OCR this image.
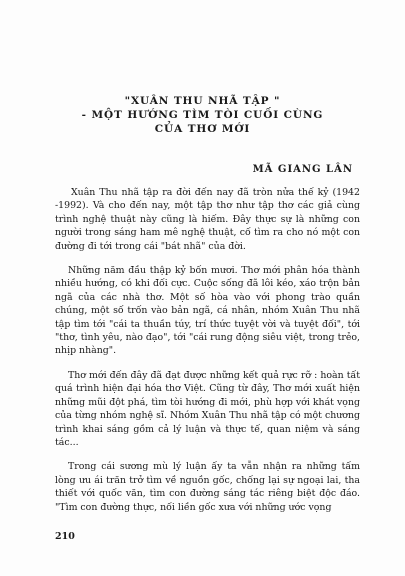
"XUÂN THU NHÃ TẬP "
- MỘT HƯỚNG TÌM TÒI CUỐI CÙNG
CỦA THƠ MỚI
MÃ GIANG LÂN

Xuân Thu nhã tập ra đời đến nay đã tròn nửa thế kỷ (1942 -1992). Và cho đến nay, một tập thơ như tập thơ các giả cùng trình nghệ thuật này cũng là hiếm. Đây thực sự là những con người trong sáng ham mê nghệ thuật, cố tìm ra cho nó một con đường đi tới trong cái "bát nhã" của đời.

Những năm đầu thập kỷ bốn mươi. Thơ mới phân hóa thành nhiều hướng, có khi đối cực. Cuộc sống đã lôi kéo, xáo trộn bản ngã của các nhà thơ. Một số hòa vào với phong trào quần chúng, một số trốn vào bản ngã, cá nhân, nhóm Xuân Thu nhã tập tìm tới "cái ta thuần túy, trí thức tuyệt vời và tuyệt đối", tới "thơ, tình yêu, nào đạo", tới "cái rung động siêu việt, trong trẻo, nhịp nhàng".

Thơ mới đến đây đã đạt được những kết quả rực rỡ : hoàn tất quá trình hiện đại hóa thơ Việt. Cũng từ đây, Thơ mới xuất hiện những mũi đột phá, tìm tòi hướng đi mới, phù hợp với khát vọng của từng nhóm nghệ sĩ. Nhóm Xuân Thu nhã tập có một chương trình khai sáng gồm cả lý luận và thực tế, quan niệm và sáng tác...

Trong cái sương mù lý luận ấy ta vẫn nhận ra những tấm lòng ưu ái trăn trở tìm về nguồn gốc, chống lại sự ngoại lai, tha thiết với quốc văn, tìm con đường sáng tác riêng biệt độc đáo. "Tìm con đường thực, nối liền gốc xưa với những ước vọng

210
